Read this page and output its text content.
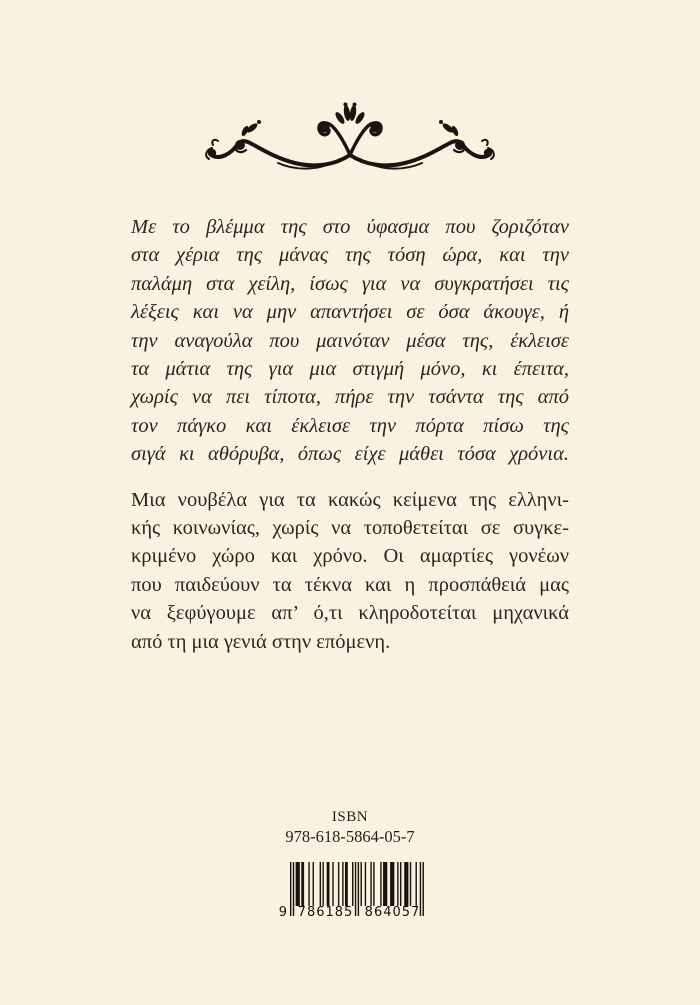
Με το βλέμμα της στο ύφασμα που ζοριζόταν
στα χέρια της μάνας της τόση ώρα, και την
παλάμη στα χείλη, ίσως για να συγκρατήσει τις
λέξεις και να μην απαντήσει σε όσα άκουγε, ή
την αναγούλα που μαινόταν μέσα της, έκλεισε
τα μάτια της για μια στιγμή μόνο, κι έπειτα,
χωρίς να πει τίποτα, πήρε την τσάντα της από
τον πάγκο και έκλεισε την πόρτα πίσω της
σιγά κι αθόρυβα, όπως είχε μάθει τόσα χρόνια.
Μια νουβέλα για τα κακώς κείμενα της ελληνι-
κής κοινωνίας, χωρίς να τοποθετείται σε συγκε-
κριμένο χώρο και χρόνο. Οι αμαρτίες γονέων
που παιδεύουν τα τέκνα και η προσπάθειά μας
να ξεφύγουμε απ’ ό,τι κληροδοτείται μηχανικά
από τη μια γενιά στην επόμενη.
ISBN
978-618-5864-05-7
9 786185 864057
